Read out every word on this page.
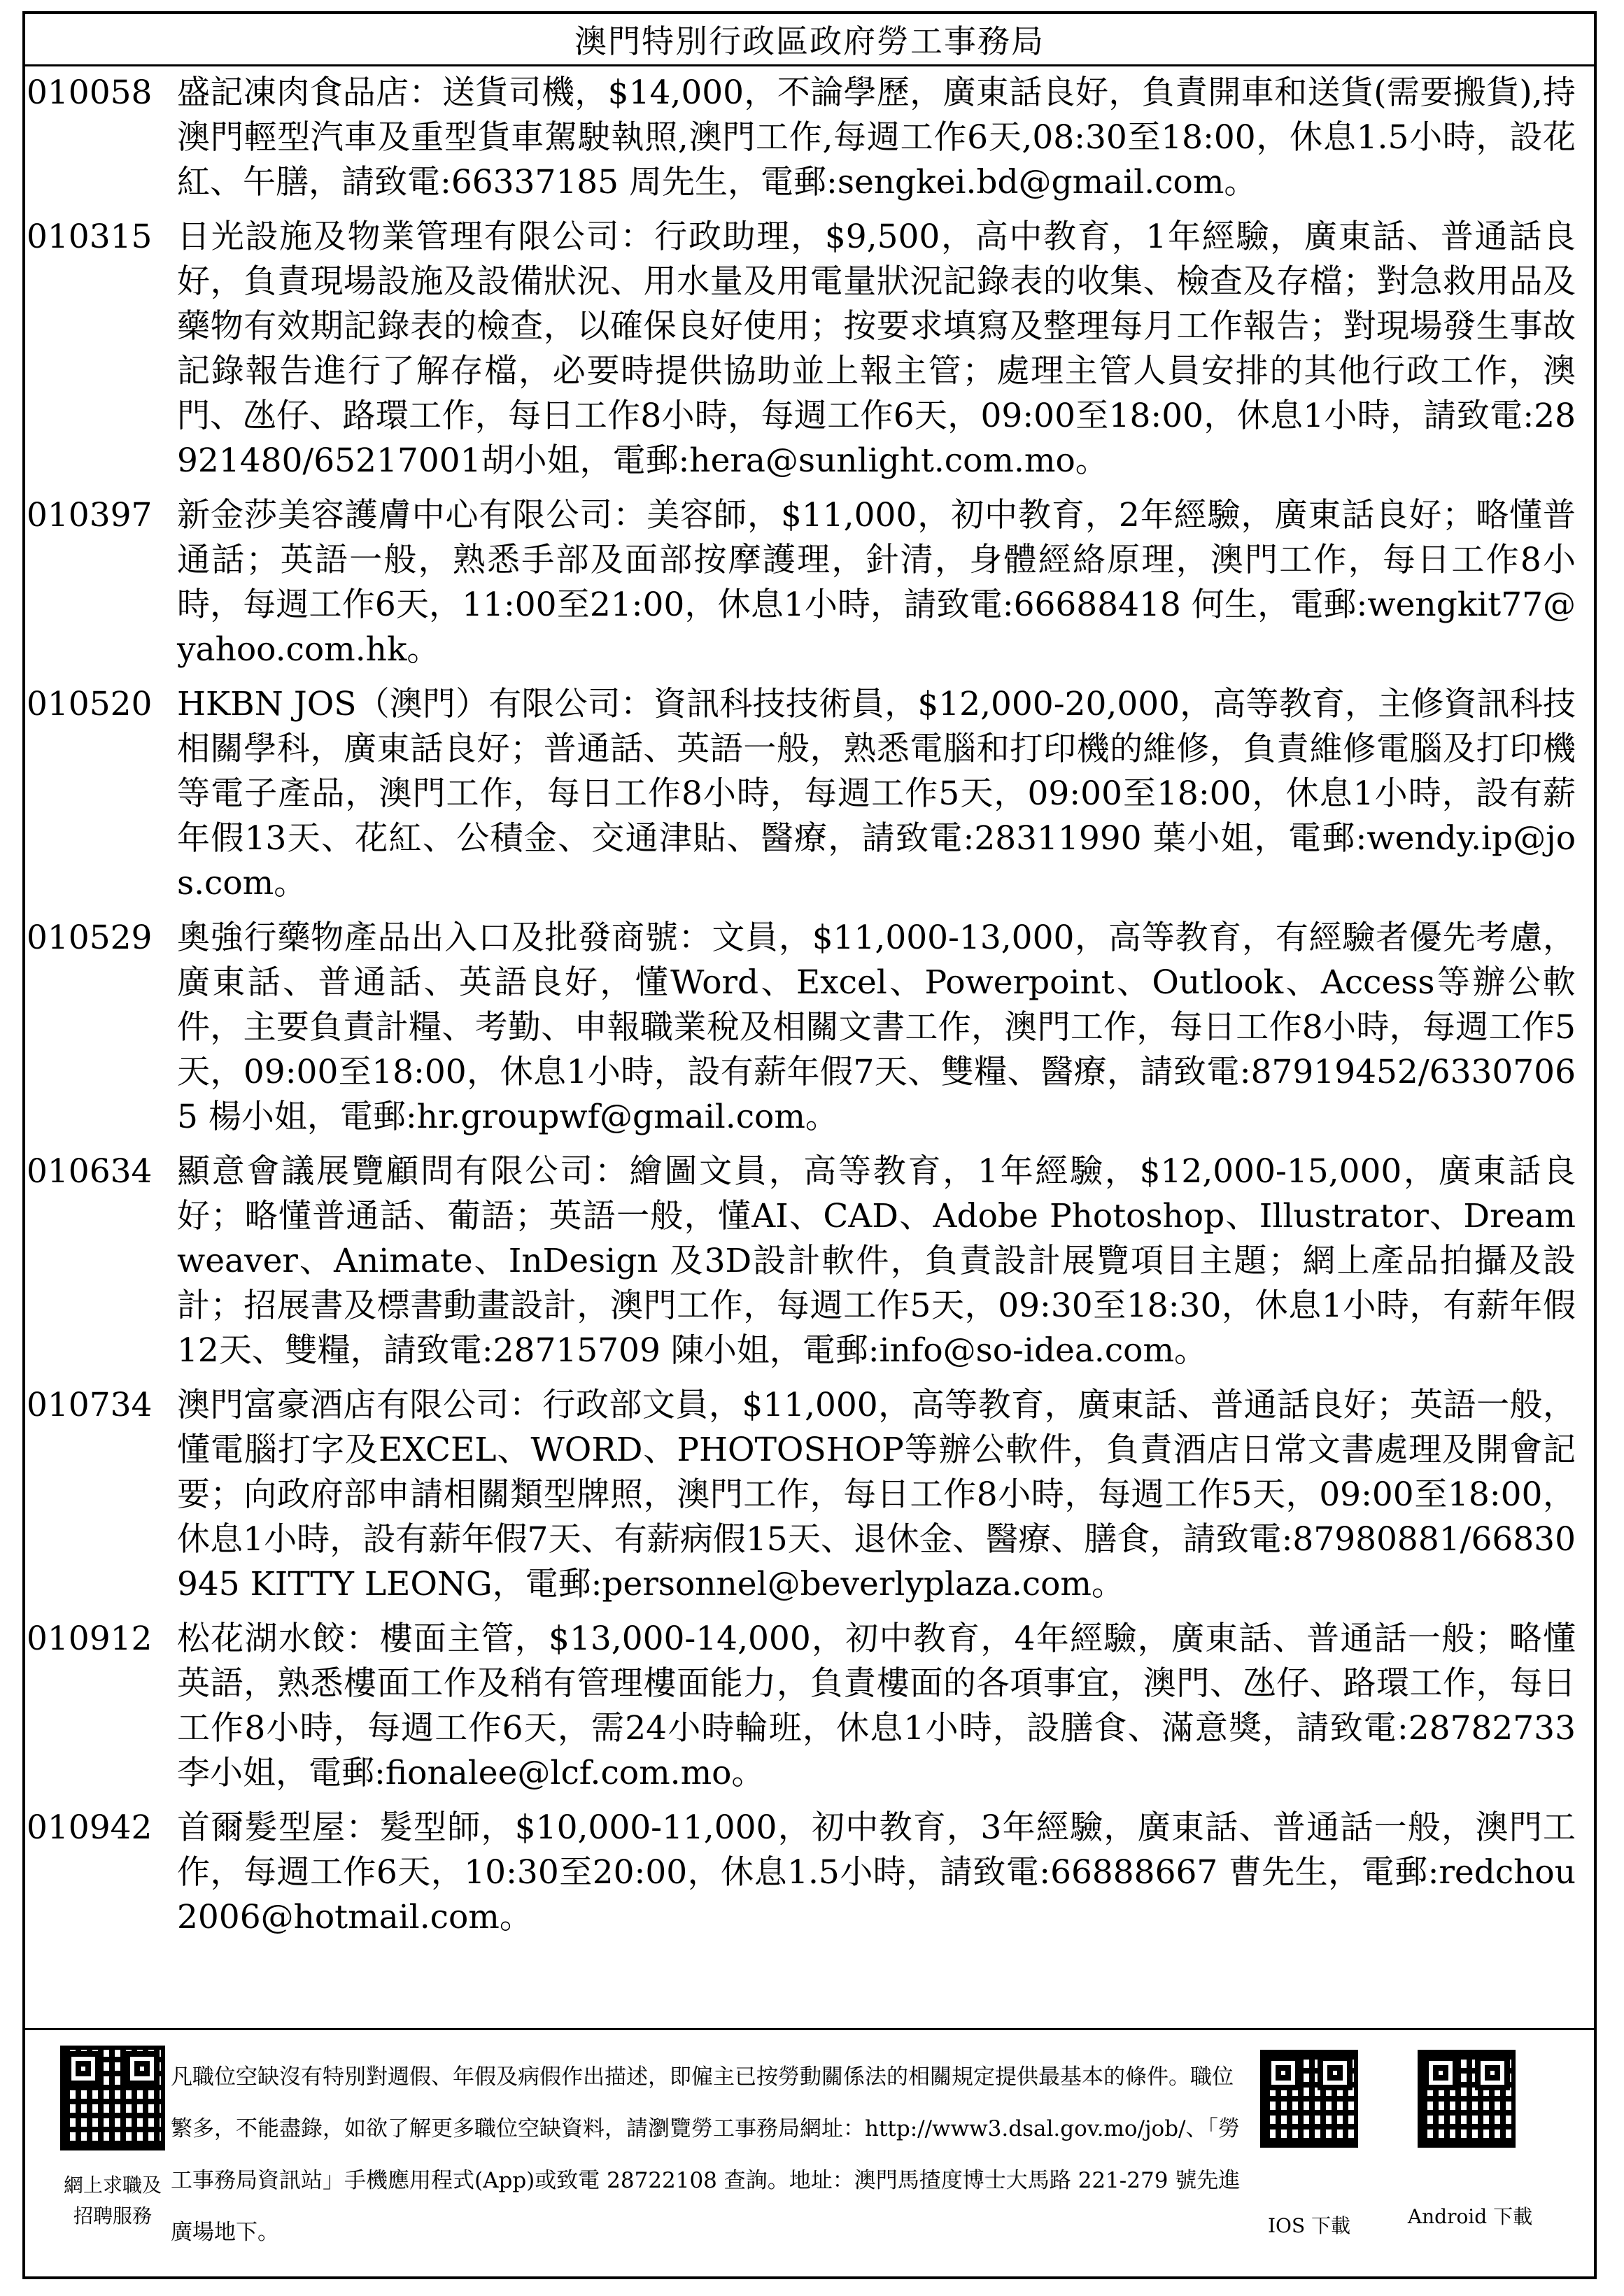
澳門特別行政區政府勞工事務局
010058 盛記凍肉食品店：送貨司機，$14,000，不論學歷，廣東話良好，負責開車和送貨(需要搬貨),持澳門輕型汽車及重型貨車駕駛執照,澳門工作,每週工作6天,08:30至18:00，休息1.5小時，設花紅、午膳，請致電:66337185 周先生，電郵:sengkei.bd@gmail.com。
010315 日光設施及物業管理有限公司：行政助理，$9,500，高中教育，1年經驗，廣東話、普通話良好，負責現場設施及設備狀況、用水量及用電量狀況記錄表的收集、檢查及存檔；對急救用品及藥物有效期記錄表的檢查，以確保良好使用；按要求填寫及整理每月工作報告；對現場發生事故記錄報告進行了解存檔，必要時提供協助並上報主管；處理主管人員安排的其他行政工作，澳門、氹仔、路環工作，每日工作8小時，每週工作6天，09:00至18:00，休息1小時，請致電:28921480/65217001胡小姐，電郵:hera@sunlight.com.mo。
010397 新金莎美容護膚中心有限公司：美容師，$11,000，初中教育，2年經驗，廣東話良好；略懂普通話；英語一般，熟悉手部及面部按摩護理，針清，身體經絡原理，澳門工作，每日工作8小時，每週工作6天，11:00至21:00，休息1小時，請致電:66688418 何生，電郵:wengkit77@yahoo.com.hk。
010520 HKBN JOS（澳門）有限公司：資訊科技技術員，$12,000-20,000，高等教育，主修資訊科技相關學科，廣東話良好；普通話、英語一般，熟悉電腦和打印機的維修，負責維修電腦及打印機等電子產品，澳門工作，每日工作8小時，每週工作5天，09:00至18:00，休息1小時，設有薪年假13天、花紅、公積金、交通津貼、醫療，請致電:28311990 葉小姐，電郵:wendy.ip@jos.com。
010529 奧強行藥物產品出入口及批發商號：文員，$11,000-13,000，高等教育，有經驗者優先考慮，廣東話、普通話、英語良好，懂Word、Excel、Powerpoint、Outlook、Access等辦公軟件，主要負責計糧、考勤、申報職業稅及相關文書工作，澳門工作，每日工作8小時，每週工作5天，09:00至18:00，休息1小時，設有薪年假7天、雙糧、醫療，請致電:87919452/63307065 楊小姐，電郵:hr.groupwf@gmail.com。
010634 顯意會議展覽顧問有限公司：繪圖文員，高等教育，1年經驗，$12,000-15,000，廣東話良好；略懂普通話、葡語；英語一般，懂AI、CAD、Adobe Photoshop、Illustrator、Dreamweaver、Animate、InDesign 及3D設計軟件，負責設計展覽項目主題；網上產品拍攝及設計；招展書及標書動畫設計，澳門工作，每週工作5天，09:30至18:30，休息1小時，有薪年假12天、雙糧，請致電:28715709 陳小姐，電郵:info@so-idea.com。
010734 澳門富豪酒店有限公司：行政部文員，$11,000，高等教育，廣東話、普通話良好；英語一般，懂電腦打字及EXCEL、WORD、PHOTOSHOP等辦公軟件，負責酒店日常文書處理及開會記要；向政府部申請相關類型牌照，澳門工作，每日工作8小時，每週工作5天，09:00至18:00，休息1小時，設有薪年假7天、有薪病假15天、退休金、醫療、膳食，請致電:87980881/66830945 KITTY LEONG，電郵:personnel@beverlyplaza.com。
010912 松花湖水餃：樓面主管，$13,000-14,000，初中教育，4年經驗，廣東話、普通話一般；略懂英語，熟悉樓面工作及稍有管理樓面能力，負責樓面的各項事宜，澳門、氹仔、路環工作，每日工作8小時，每週工作6天，需24小時輪班，休息1小時，設膳食、滿意獎，請致電:28782733 李小姐，電郵:fionalee@lcf.com.mo。
010942 首爾髮型屋：髮型師，$10,000-11,000，初中教育，3年經驗，廣東話、普通話一般，澳門工作，每週工作6天，10:30至20:00，休息1.5小時，請致電:66888667 曹先生，電郵:redchou2006@hotmail.com。
網上求職及
招聘服務
凡職位空缺沒有特別對週假、年假及病假作出描述，即僱主已按勞動關係法的相關規定提供最基本的條件。職位繁多，不能盡錄，如欲了解更多職位空缺資料，請瀏覽勞工事務局網址：http://www3.dsal.gov.mo/job/、「勞工事務局資訊站」手機應用程式(App)或致電 28722108 查詢。地址：澳門馬揸度博士大馬路 221-279 號先進廣場地下。	IOS 下載	Android 下載
